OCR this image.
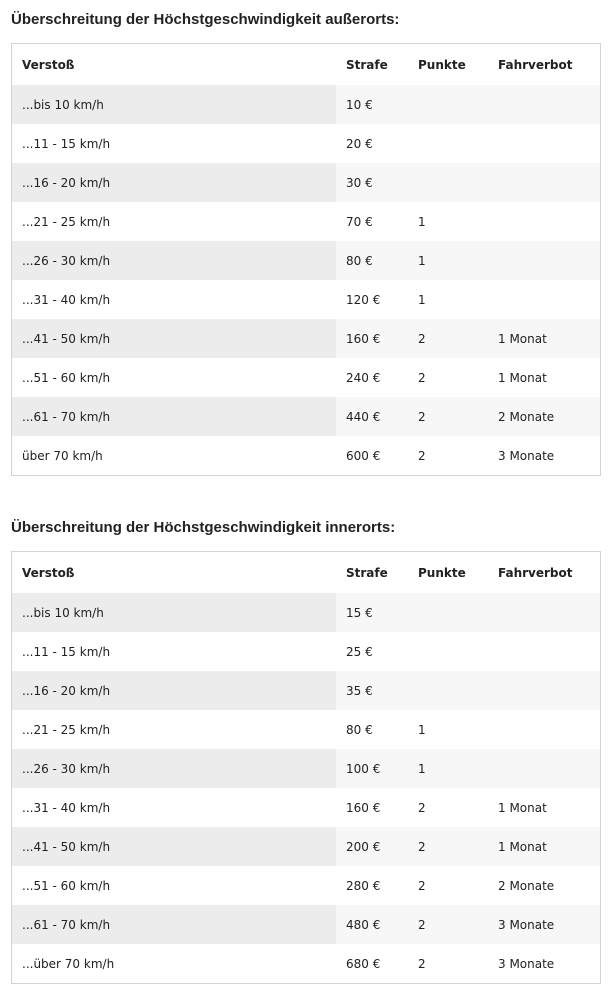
Überschreitung der Höchstgeschwindigkeit außerorts:
Verstoß	Strafe	Punkte	Fahrverbot
...bis 10 km/h	10 €
...11 - 15 km/h	20 €
...16 - 20 km/h	30 €
...21 - 25 km/h	70 €	1
...26 - 30 km/h	80 €	1
...31 - 40 km/h	120 €	1
...41 - 50 km/h	160 €	2	1 Monat
...51 - 60 km/h	240 €	2	1 Monat
...61 - 70 km/h	440 €	2	2 Monate
über 70 km/h	600 €	2	3 Monate
Überschreitung der Höchstgeschwindigkeit innerorts:
Verstoß	Strafe	Punkte	Fahrverbot
...bis 10 km/h	15 €
...11 - 15 km/h	25 €
...16 - 20 km/h	35 €
...21 - 25 km/h	80 €	1
...26 - 30 km/h	100 €	1
...31 - 40 km/h	160 €	2	1 Monat
...41 - 50 km/h	200 €	2	1 Monat
...51 - 60 km/h	280 €	2	2 Monate
...61 - 70 km/h	480 €	2	3 Monate
...über 70 km/h	680 €	2	3 Monate
